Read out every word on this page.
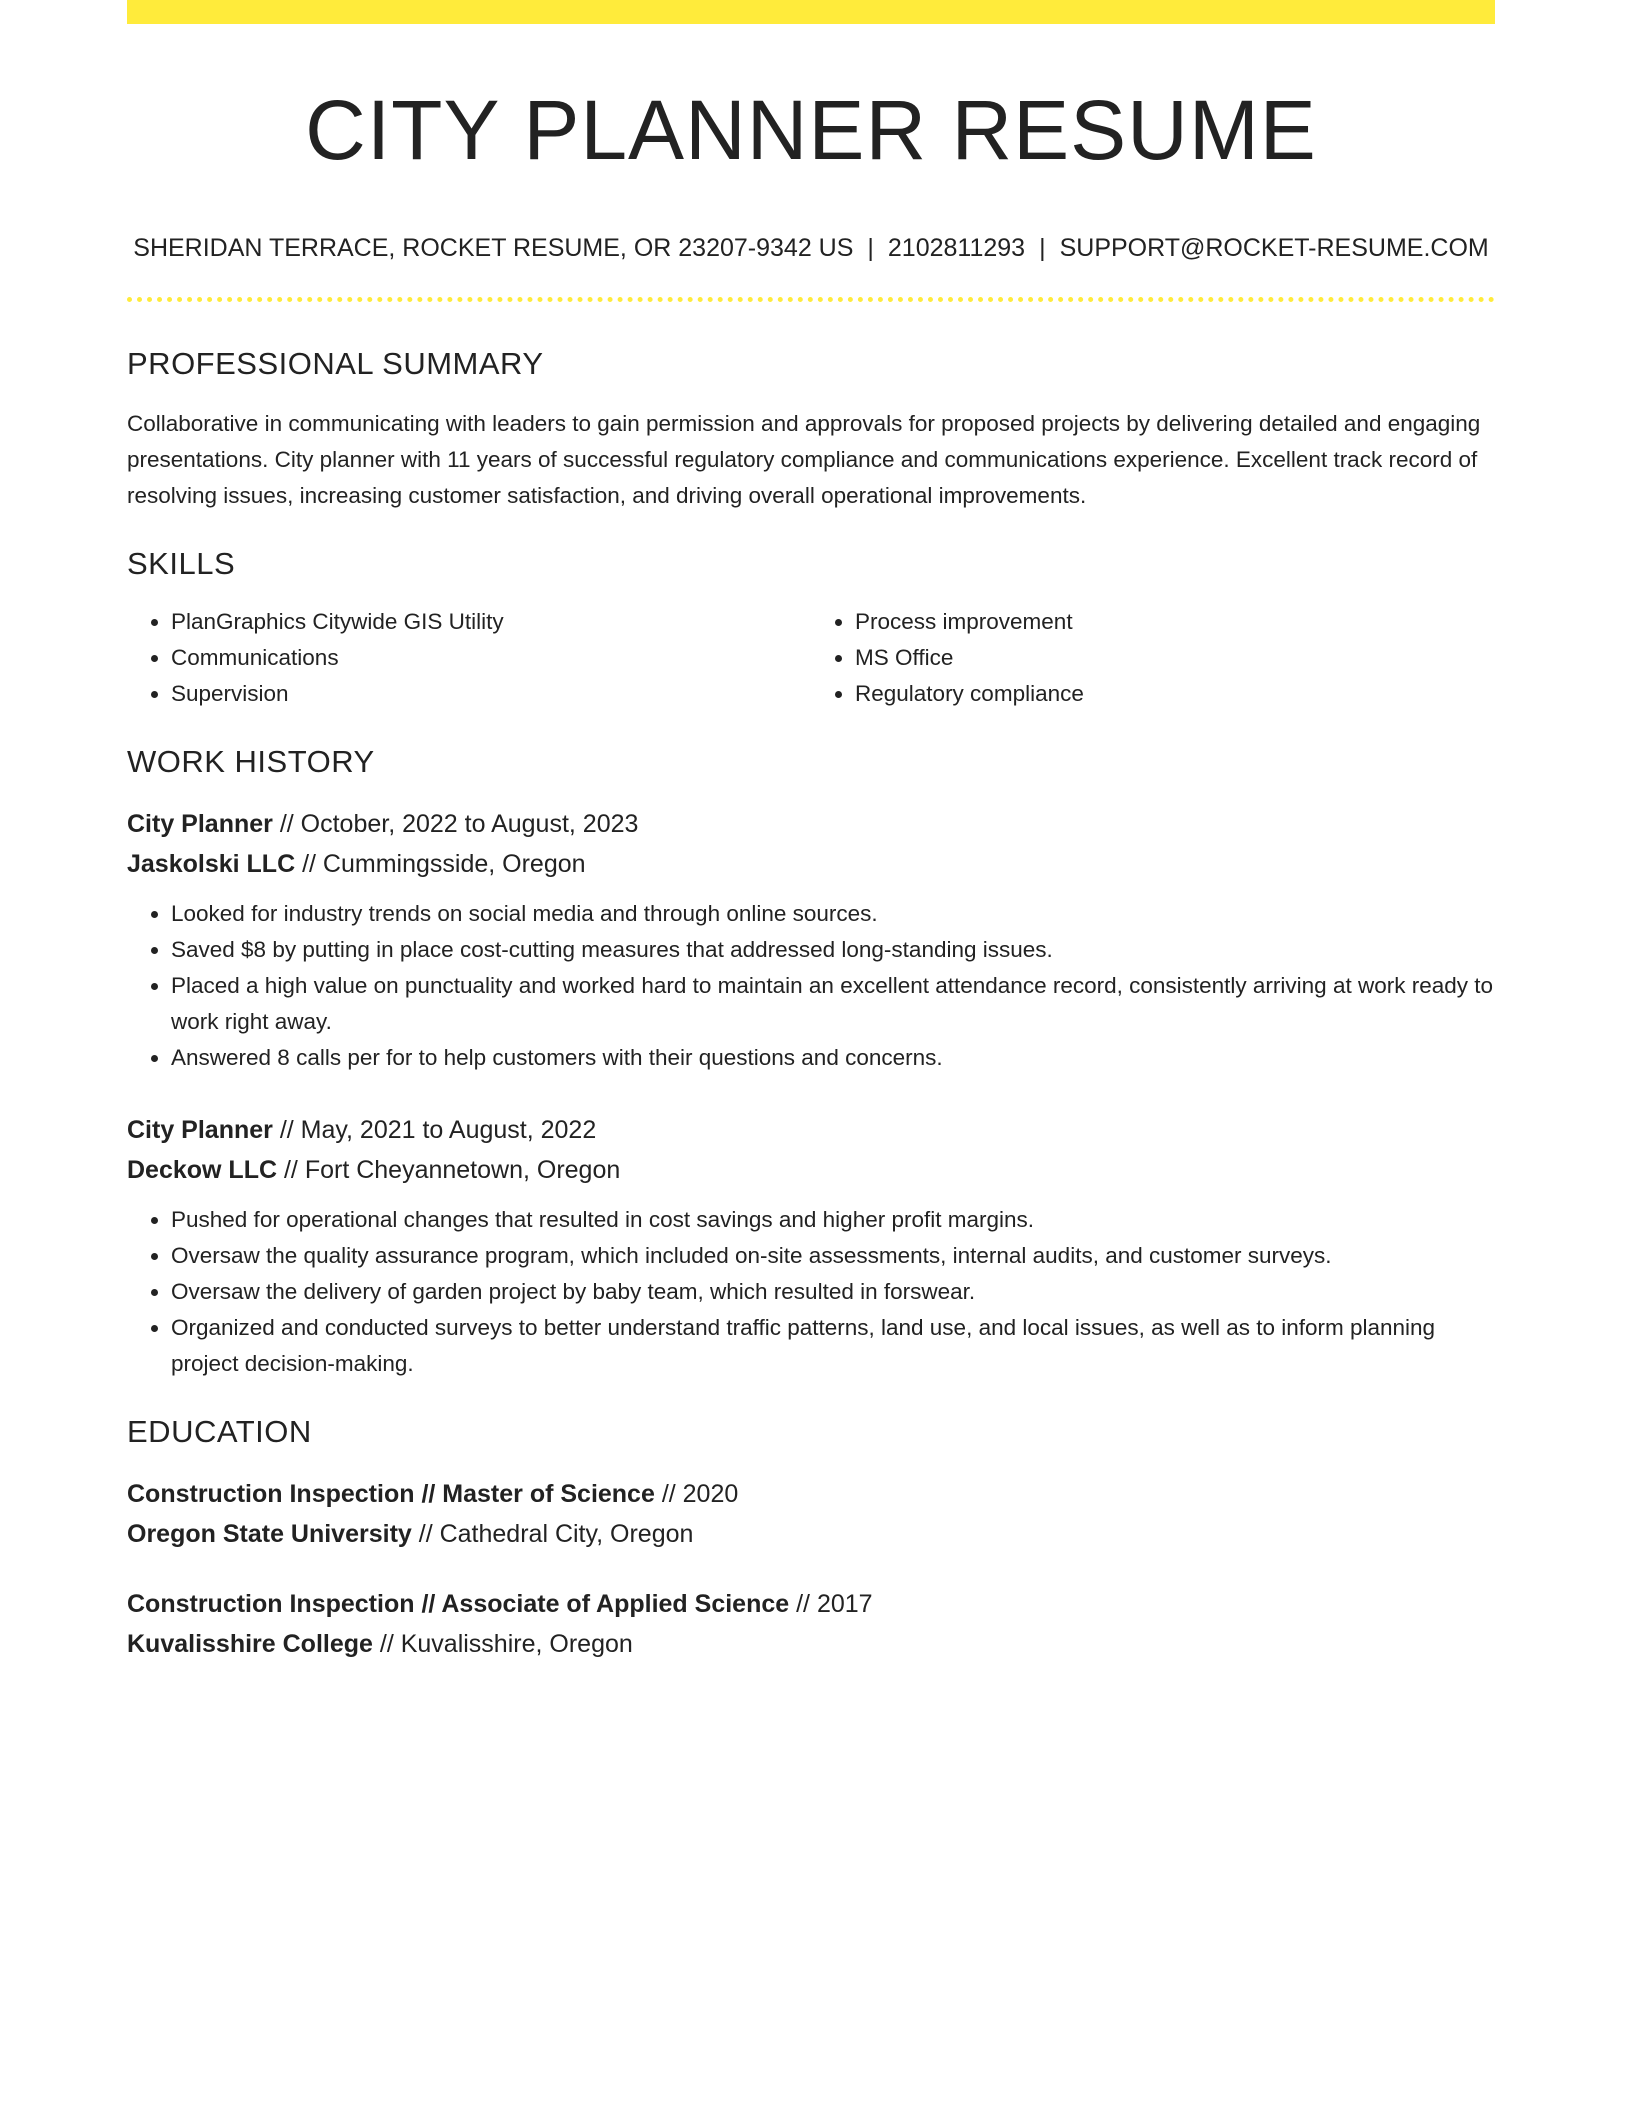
CITY PLANNER RESUME
SHERIDAN TERRACE, ROCKET RESUME, OR 23207-9342 US | 2102811293 | SUPPORT@ROCKET-RESUME.COM
PROFESSIONAL SUMMARY

Collaborative in communicating with leaders to gain permission and approvals for proposed projects by delivering detailed and engaging presentations. City planner with 11 years of successful regulatory compliance and communications experience. Excellent track record of resolving issues, increasing customer satisfaction, and driving overall operational improvements.

SKILLS
• PlanGraphics Citywide GIS Utility
• Communications
• Supervision
• Process improvement
• MS Office
• Regulatory compliance
WORK HISTORY
City Planner // October, 2022 to August, 2023
Jaskolski LLC // Cummingsside, Oregon
• Looked for industry trends on social media and through online sources.
• Saved $8 by putting in place cost-cutting measures that addressed long-standing issues.
• Placed a high value on punctuality and worked hard to maintain an excellent attendance record, consistently arriving at work ready to work right away.
• Answered 8 calls per for to help customers with their questions and concerns.
City Planner // May, 2021 to August, 2022
Deckow LLC // Fort Cheyannetown, Oregon
• Pushed for operational changes that resulted in cost savings and higher profit margins.
• Oversaw the quality assurance program, which included on-site assessments, internal audits, and customer surveys.
• Oversaw the delivery of garden project by baby team, which resulted in forswear.
• Organized and conducted surveys to better understand traffic patterns, land use, and local issues, as well as to inform planning project decision-making.
EDUCATION
Construction Inspection // Master of Science // 2020
Oregon State University // Cathedral City, Oregon
Construction Inspection // Associate of Applied Science // 2017
Kuvalisshire College // Kuvalisshire, Oregon
